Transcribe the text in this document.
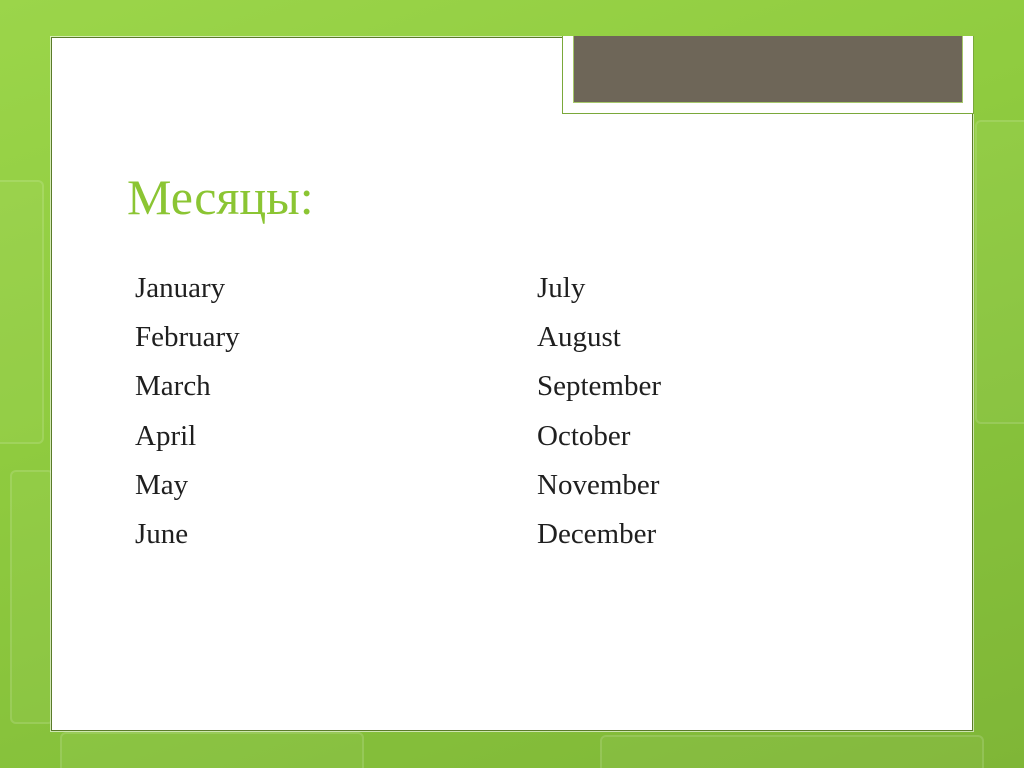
Месяцы:
January
February
March
April
May
June
July
August
September
October
November
December
